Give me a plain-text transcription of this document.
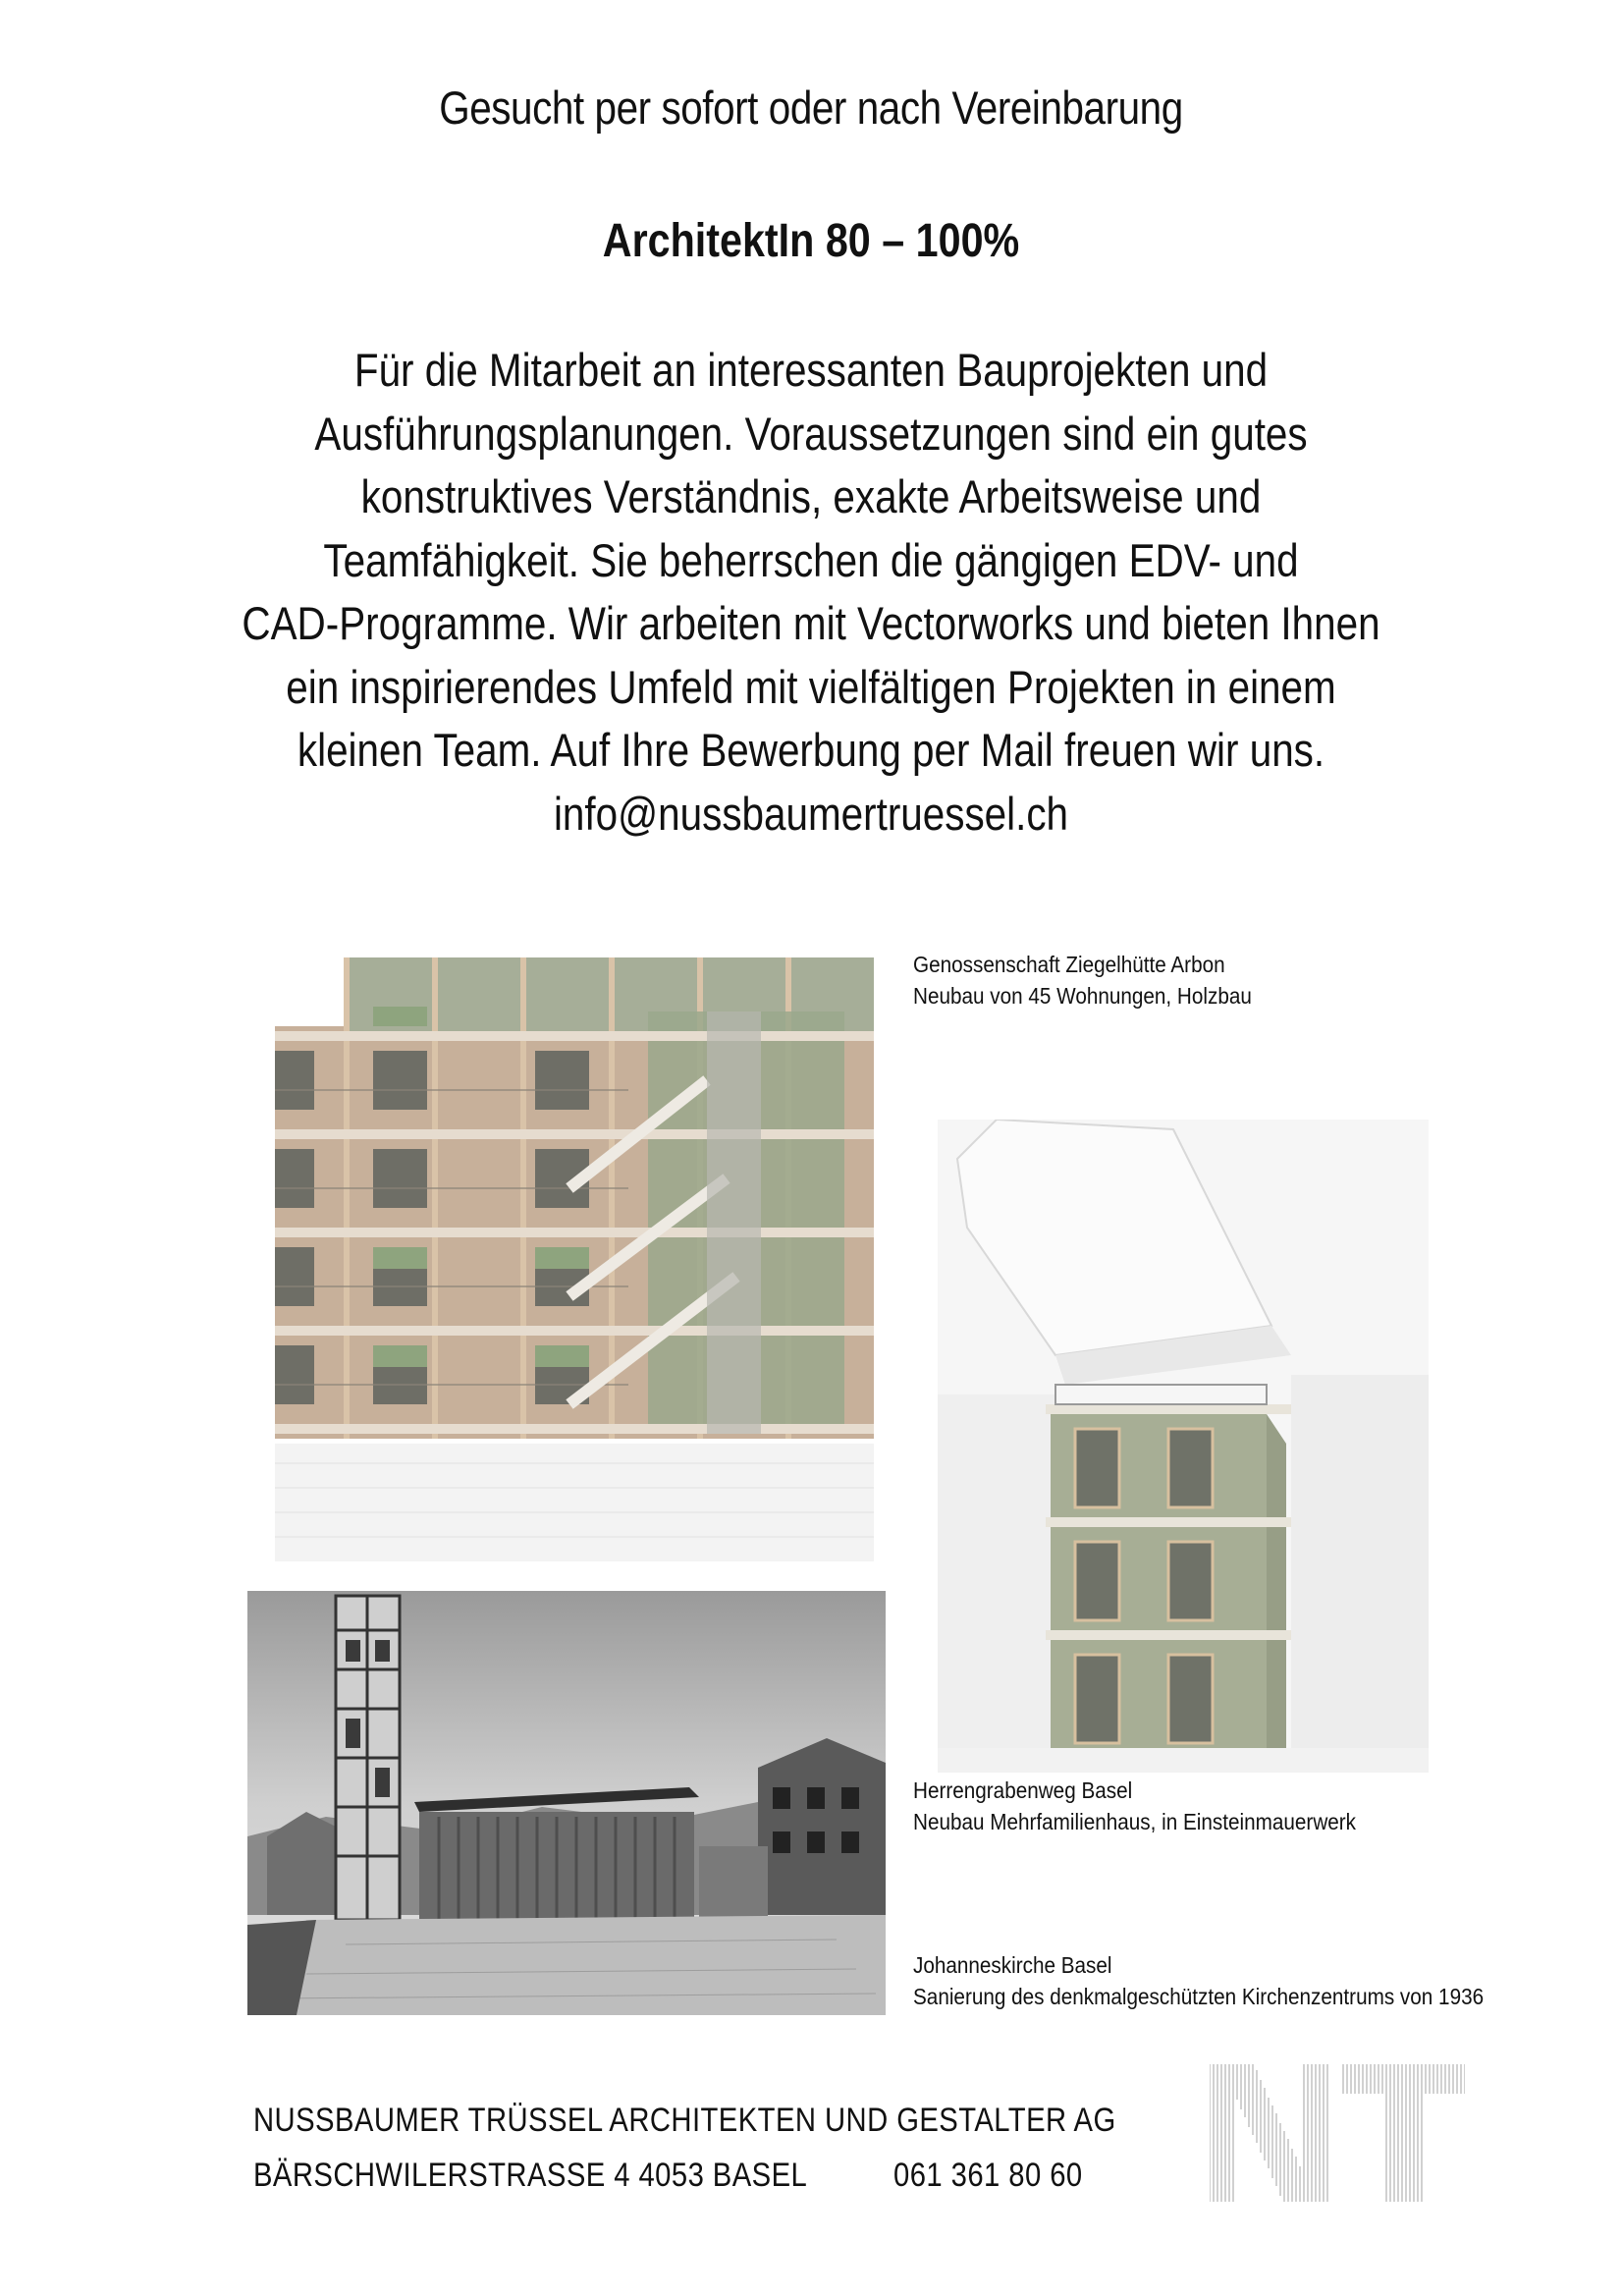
Gesucht per sofort oder nach Vereinbarung
ArchitektIn 80 – 100%
Für die Mitarbeit an interessanten Bauprojekten und
Ausführungsplanungen. Voraussetzungen sind ein gutes
konstruktives Verständnis, exakte Arbeitsweise und
Teamfähigkeit. Sie beherrschen die gängigen EDV- und
CAD-Programme. Wir arbeiten mit Vectorworks und bieten Ihnen
ein inspirierendes Umfeld mit vielfältigen Projekten in einem
kleinen Team. Auf Ihre Bewerbung per Mail freuen wir uns.
info@nussbaumertruessel.ch
Genossenschaft Ziegelhütte Arbon
Neubau von 45 Wohnungen, Holzbau
Herrengrabenweg Basel
Neubau Mehrfamilienhaus, in Einsteinmauerwerk
Johanneskirche Basel
Sanierung des denkmalgeschützten Kirchenzentrums von 1936
NUSSBAUMER TRÜSSEL ARCHITEKTEN UND GESTALTER AG
BÄRSCHWILERSTRASSE 4 4053 BASEL	061 361 80 60
